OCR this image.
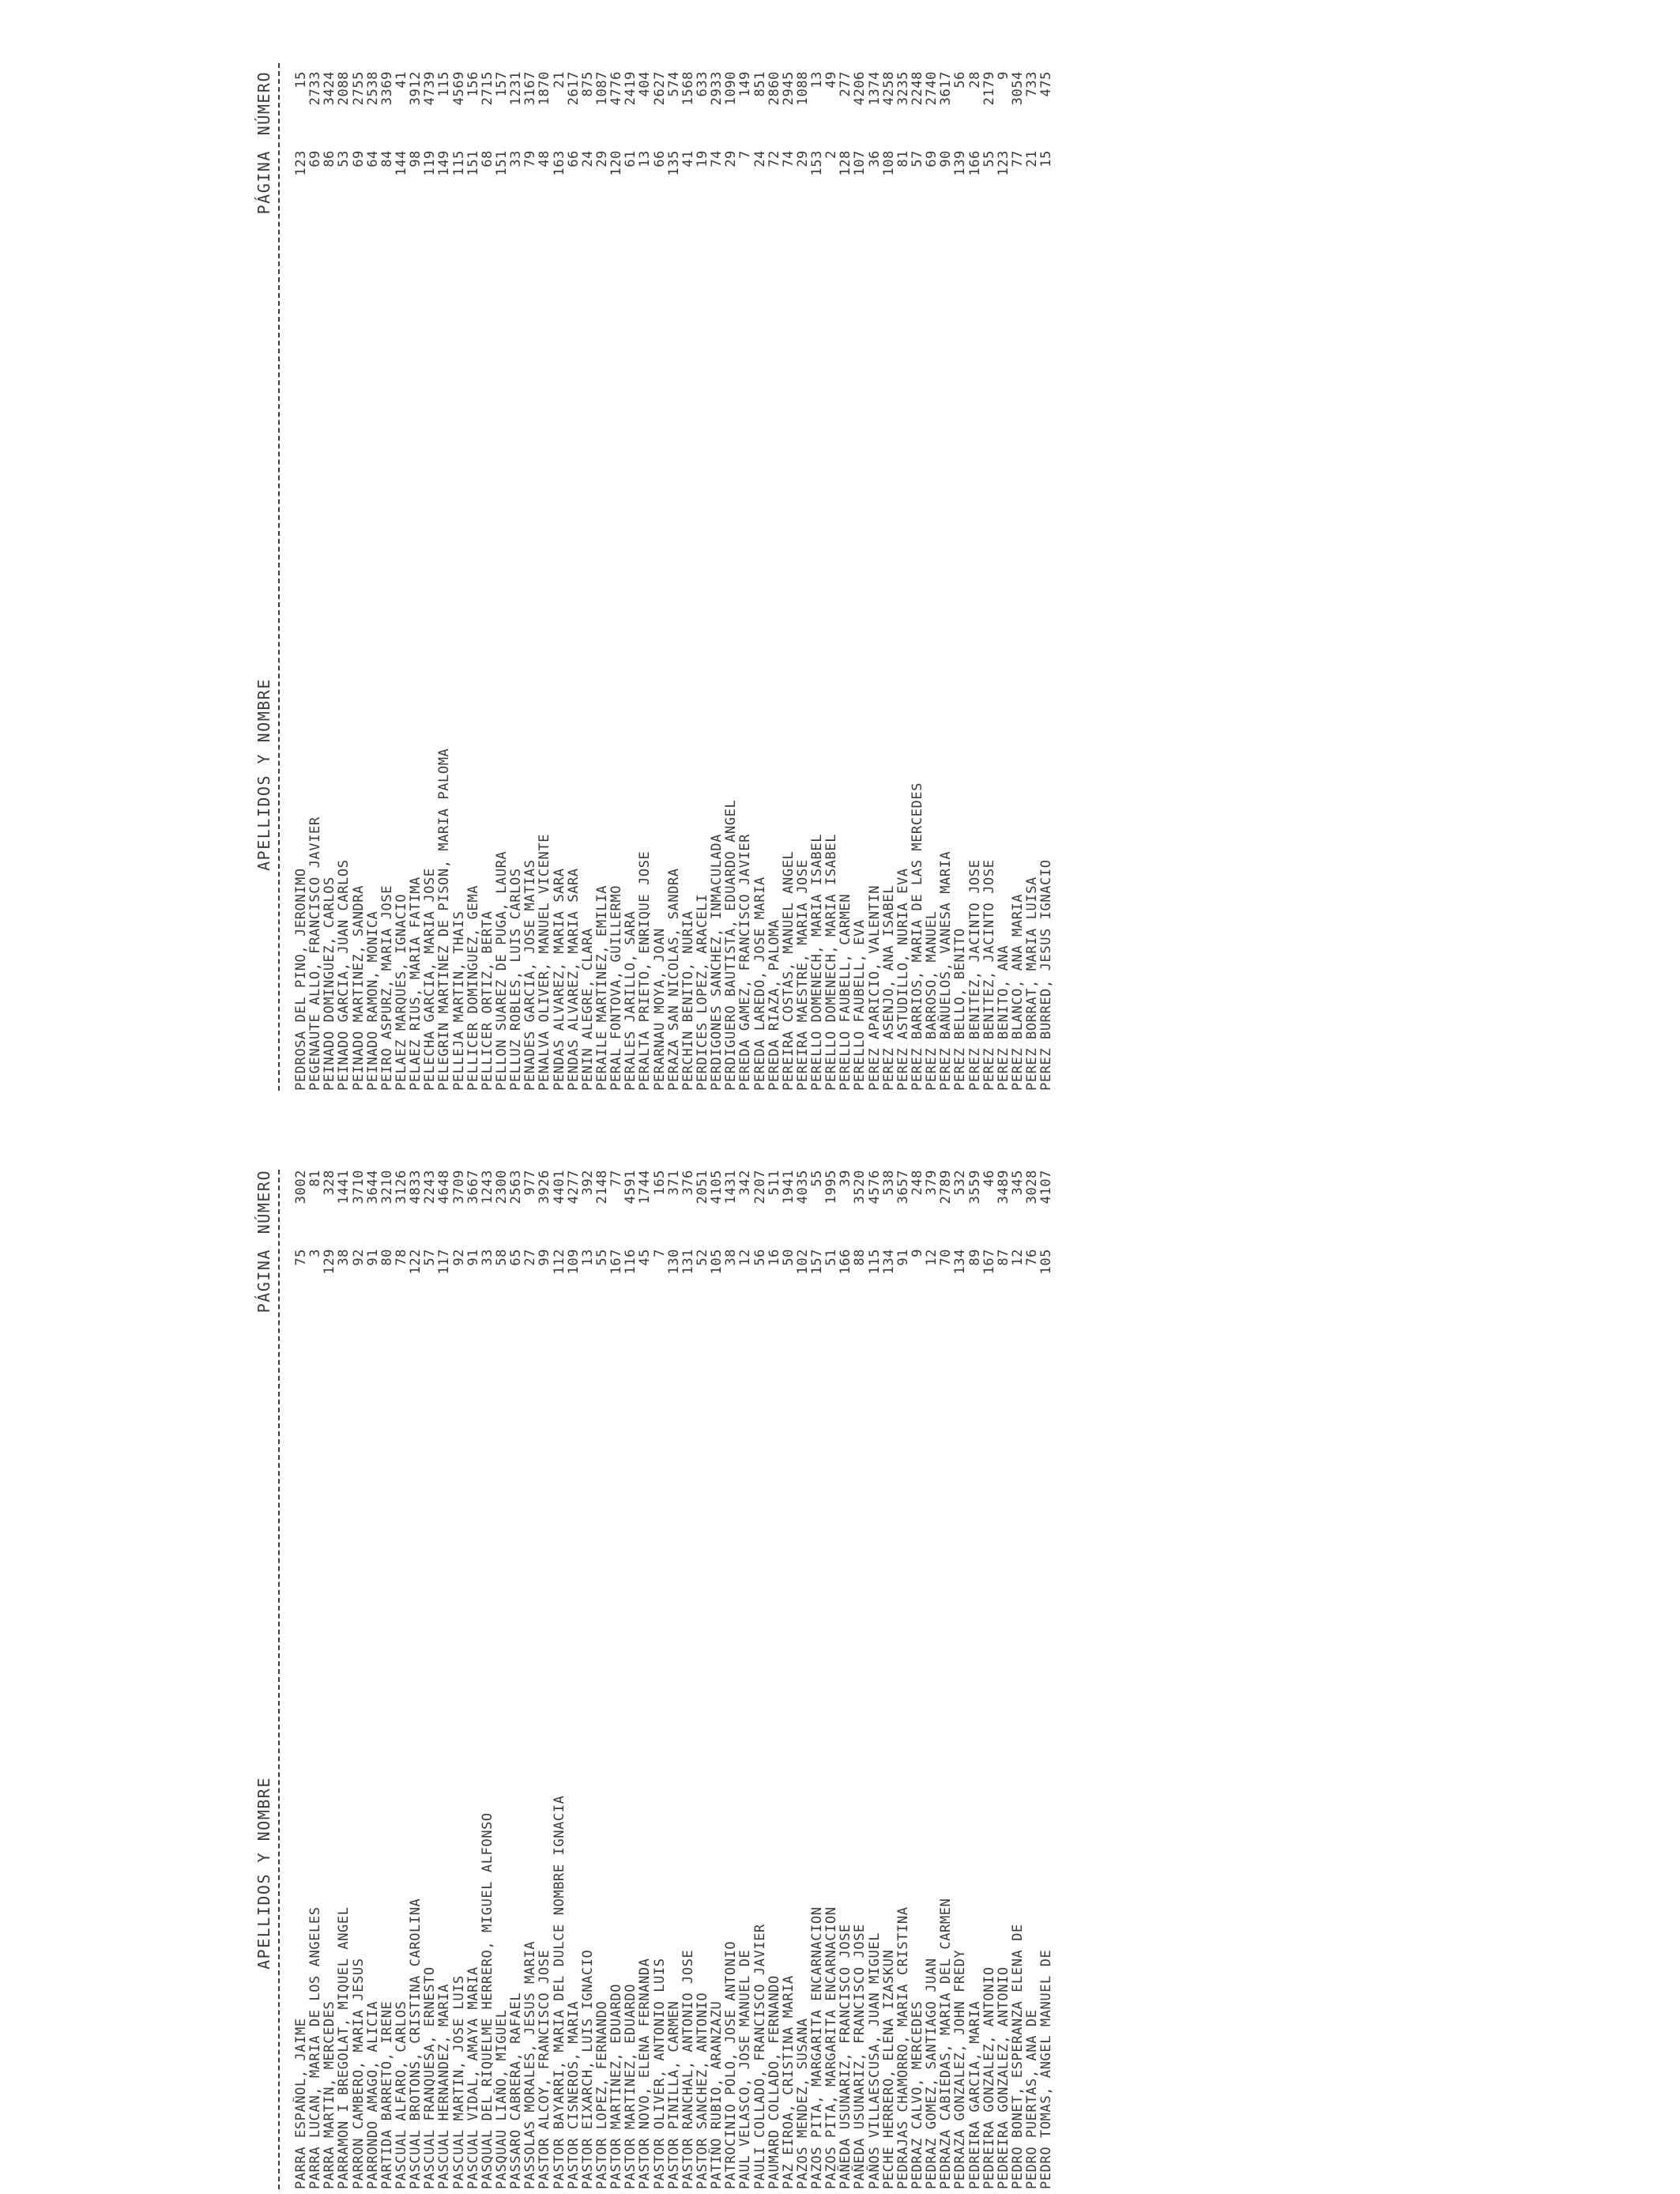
APELLIDOS Y NOMBRE
PÁGINA
NÚMERO
PARRA ESPAÑOL, JAIME
75
3002
PARRA LUCAN, MARIA DE LOS ANGELES
3
81
PARRA MARTIN, MERCEDES
129
328
PARRAMON I BREGOLAT, MIQUEL ANGEL
38
1441
PARRON CAMBERO, MARIA JESUS
92
3710
PARRONDO AMAGO, ALICIA
91
3644
PARTIDA BARRETO, IRENE
80
3210
PASCUAL ALFARO, CARLOS
78
3126
PASCUAL BROTONS, CRISTINA CAROLINA
122
4833
PASCUAL FRANQUESA, ERNESTO
57
2243
PASCUAL HERNANDEZ, MARIA
117
4648
PASCUAL MARTIN, JOSE LUIS
92
3709
PASCUAL VIDAL, AMAYA MARIA
91
3667
PASQUAL DEL RIQUELME HERRERO, MIGUEL ALFONSO
33
1243
PASQUAU LIAÑO, MIGUEL
58
2300
PASSARO CABRERA, RAFAEL
65
2563
PASSOLAS MORALES, JESUS MARIA
27
977
PASTOR ALCOY, FRANCISCO JOSE
99
3926
PASTOR BAYARRI, MARIA DEL DULCE NOMBRE IGNACIA
112
4401
PASTOR CISNEROS, MARIA
109
4277
PASTOR EIXARCH, LUIS IGNACIO
13
392
PASTOR LOPEZ, FERNANDO
55
2148
PASTOR MARTINEZ, EDUARDO
167
77
PASTOR MARTINEZ, EDUARDO
116
4591
PASTOR NOVO, ELENA FERNANDA
45
1744
PASTOR OLIVER, ANTONIO LUIS
7
165
PASTOR PINILLA, CARMEN
130
371
PASTOR RANCHAL, ANTONIO JOSE
131
376
PASTOR SANCHEZ, ANTONIO
52
2051
PATIÑO RUBIO, ARANZAZU
105
4105
PATROCINIO POLO, JOSE ANTONIO
38
1431
PAUL VELASCO, JOSE MANUEL DE
12
342
PAULI COLLADO, FRANCISCO JAVIER
56
2207
PAUMARD COLLADO, FERNANDO
16
511
PAZ EIROA, CRISTINA MARIA
50
1941
PAZOS MENDEZ, SUSANA
102
4035
PAZOS PITA, MARGARITA ENCARNACION
157
55
PAZOS PITA, MARGARITA ENCARNACION
51
1995
PAÑEDA USUNARIZ, FRANCISCO JOSE
166
39
PAÑEDA USUNARIZ, FRANCISCO JOSE
88
3520
PAÑOS VILLAESCUSA, JUAN MIGUEL
115
4576
PECHE HERRERO, ELENA IZASKUN
134
538
PEDRAJAS CHAMORRO, MARIA CRISTINA
91
3657
PEDRAZ CALVO, MERCEDES
9
248
PEDRAZ GOMEZ, SANTIAGO JUAN
12
379
PEDRAZA CABIEDAS, MARIA DEL CARMEN
70
2789
PEDRAZA GONZALEZ, JOHN FREDY
134
532
PEDREIRA GARCIA, MARIA
89
3559
PEDREIRA GONZALEZ, ANTONIO
167
46
PEDREIRA GONZALEZ, ANTONIO
87
3489
PEDRO BONET, ESPERANZA ELENA DE
12
345
PEDRO PUERTAS, ANA DE
76
3028
PEDRO TOMAS, ANGEL MANUEL DE
105
4107
APELLIDOS Y NOMBRE
PÁGINA
NÚMERO
PEDROSA DEL PINO, JERONIMO
123
15
PEGENAUTE ALLO, FRANCISCO JAVIER
69
2733
PEINADO DOMINGUEZ, CARLOS
86
3424
PEINADO GARCIA, JUAN CARLOS
53
2088
PEINADO MARTINEZ, SANDRA
69
2755
PEINADO RAMON, MONICA
64
2538
PEIRO ASPURZ, MARIA JOSE
84
3369
PELAEZ MARQUES, IGNACIO
144
41
PELAEZ RIUS, MARIA FATIMA
98
3912
PELECHA GARCIA, MARIA JOSE
119
4739
PELEGRIN MARTINEZ DE PISON, MARIA PALOMA
149
115
PELLEJA MARTIN, THAIS
115
4569
PELLICER DOMINGUEZ, GEMA
151
156
PELLICER ORTIZ, BERTA
68
2715
PELLON SUAREZ DE PUGA, LAURA
151
157
PELLUZ ROBLES, LUIS CARLOS
33
1231
PENADES GARCIA, JOSE MATIAS
79
3167
PENALVA OLIVER, MANUEL VICENTE
48
1870
PENDAS ALVAREZ, MARIA SARA
163
21
PENDAS ALVAREZ, MARIA SARA
66
2617
PENIN ALEGRE, CLARA
24
875
PERAILE MARTINEZ, EMILIA
29
1087
PERAL FONTOVA, GUILLERMO
120
4776
PERALES JARILLO, SARA
61
2419
PERALTA PRIETO, ENRIQUE JOSE
13
404
PERARNAU MOYA, JOAN
66
2627
PERAZA SAN NICOLAS, SANDRA
135
574
PERCHIN BENITO, NURIA
41
1568
PERDICES LOPEZ, ARACELI
19
633
PERDIGONES SANCHEZ, INMACULADA
74
2933
PERDIGUERO BAUTISTA, EDUARDO ANGEL
29
1090
PEREDA GAMEZ, FRANCISCO JAVIER
7
149
PEREDA LAREDO, JOSE MARIA
24
851
PEREDA RIAZA, PALOMA
72
2860
PEREIRA COSTAS, MANUEL ANGEL
74
2945
PEREIRA MAESTRE, MARIA JOSE
29
1088
PERELLO DOMENECH, MARIA ISABEL
153
13
PERELLO DOMENECH, MARIA ISABEL
2
49
PERELLO FAUBELL, CARMEN
128
277
PERELLO FAUBELL, EVA
107
4206
PEREZ APARICIO, VALENTIN
36
1374
PEREZ ASENJO, ANA ISABEL
108
4258
PEREZ ASTUDILLO, NURIA EVA
81
3235
PEREZ BARRIOS, MARIA DE LAS MERCEDES
57
2248
PEREZ BARROSO, MANUEL
69
2740
PEREZ BAÑUELOS, VANESA MARIA
90
3617
PEREZ BELLO, BENITO
139
56
PEREZ BENITEZ, JACINTO JOSE
166
28
PEREZ BENITEZ, JACINTO JOSE
55
2179
PEREZ BENITO, ANA
123
9
PEREZ BLANCO, ANA MARIA
77
3054
PEREZ BORRAT, MARIA LUISA
21
733
PEREZ BURRED, JESUS IGNACIO
15
475
